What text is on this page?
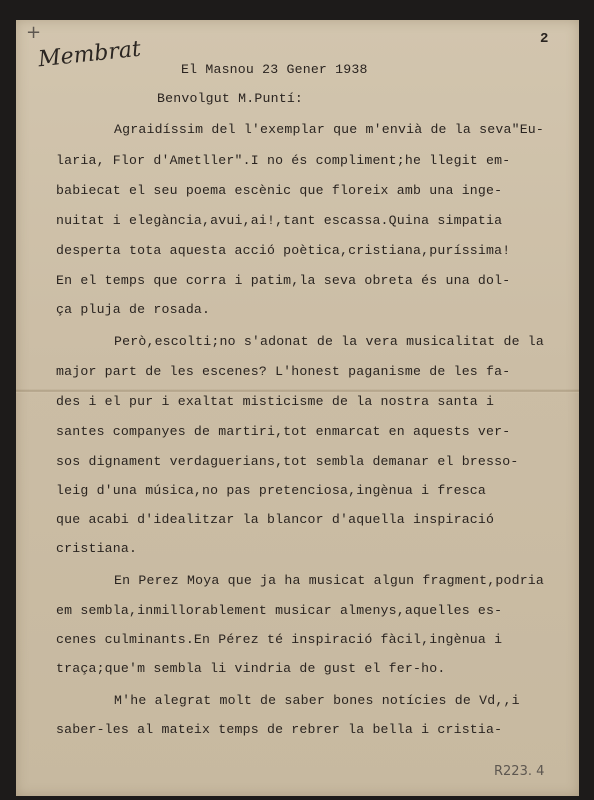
+
Membrat	2
El Masnou 23 Gener 1938
Benvolgut M.Puntí:
Agraidíssim del l'exemplar que m'envià de la seva"Eu-
laria, Flor d'Ametller".I no és compliment;he llegit em-
babiecat el seu poema escènic que floreix amb una inge-
nuitat i elegància,avui,ai!,tant escassa.Quina simpatia
desperta tota aquesta acció poètica,cristiana,puríssima!
En el temps que corra i patim,la seva obreta és una dol-
ça pluja de rosada.
Però,escolti;no s'adonat de la vera musicalitat de la
major part de les escenes? L'honest paganisme de les fa-
des i el pur i exaltat misticisme de la nostra santa i
santes companyes de martiri,tot enmarcat en aquests ver-
sos dignament verdaguerians,tot sembla demanar el bresso-
leig d'una música,no pas pretenciosa,ingènua i fresca
que acabi d'idealitzar la blancor d'aquella inspiració
cristiana.
En Perez Moya que ja ha musicat algun fragment,podria
em sembla,inmillorablement musicar almenys,aquelles es-
cenes culminants.En Pérez té inspiració fàcil,ingènua i
traça;que'm sembla li vindria de gust el fer-ho.
M'he alegrat molt de saber bones notícies de Vd,,i
saber-les al mateix temps de rebrer la bella i cristia-
R223. 4
